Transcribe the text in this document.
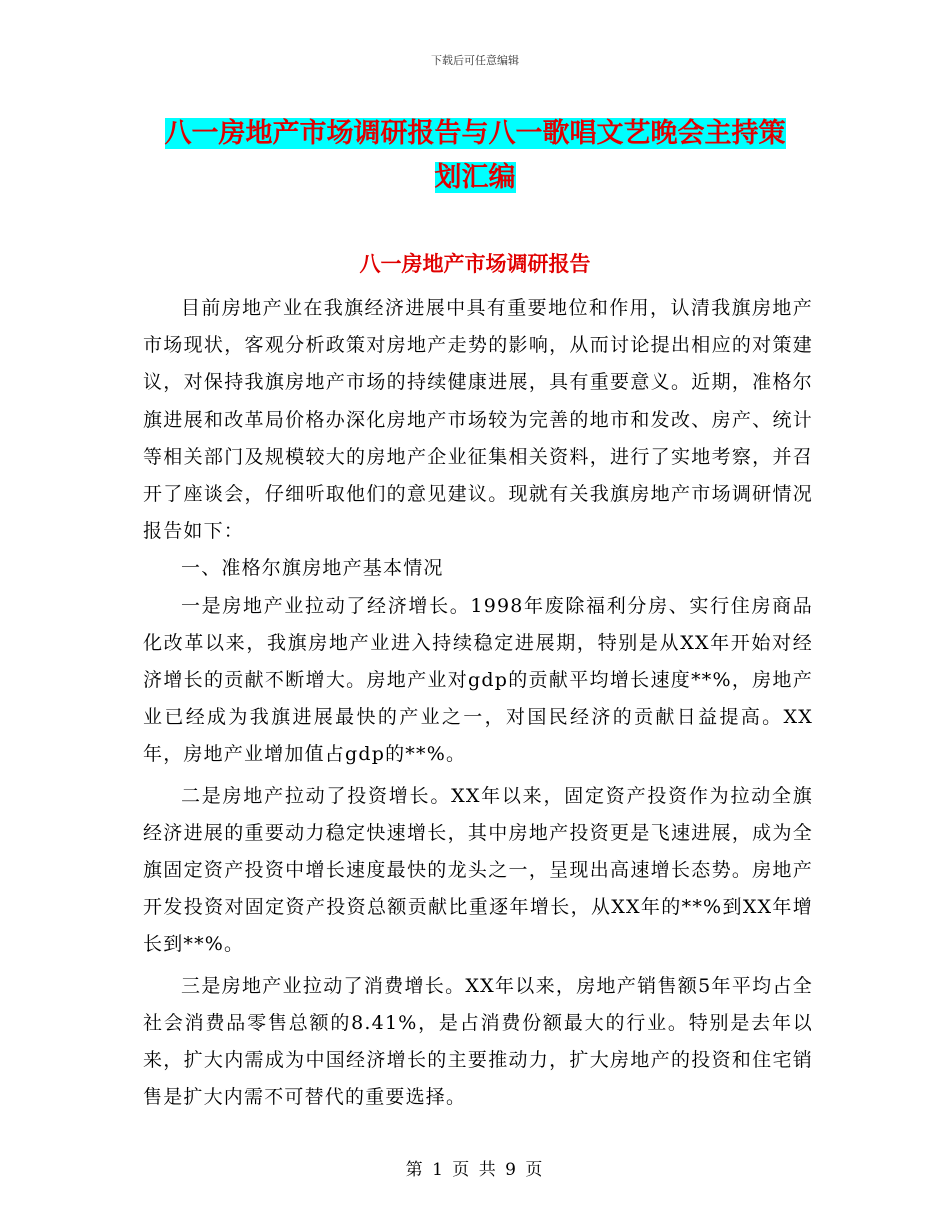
下载后可任意编辑
八一房地产市场调研报告与八一歌唱文艺晚会主持策
划汇编
八一房地产市场调研报告

目前房地产业在我旗经济进展中具有重要地位和作用，认清我旗房地产市场现状，客观分析政策对房地产走势的影响，从而讨论提出相应的对策建议，对保持我旗房地产市场的持续健康进展，具有重要意义。近期，准格尔旗进展和改革局价格办深化房地产市场较为完善的地市和发改、房产、统计等相关部门及规模较大的房地产企业征集相关资料，进行了实地考察，并召开了座谈会，仔细听取他们的意见建议。现就有关我旗房地产市场调研情况报告如下：

一、准格尔旗房地产基本情况

一是房地产业拉动了经济增长。1998年废除福利分房、实行住房商品化改革以来，我旗房地产业进入持续稳定进展期，特别是从XX年开始对经济增长的贡献不断增大。房地产业对gdp的贡献平均增长速度**%，房地产业已经成为我旗进展最快的产业之一，对国民经济的贡献日益提高。XX年，房地产业增加值占gdp的**%。

二是房地产拉动了投资增长。XX年以来，固定资产投资作为拉动全旗经济进展的重要动力稳定快速增长，其中房地产投资更是飞速进展，成为全旗固定资产投资中增长速度最快的龙头之一，呈现出高速增长态势。房地产开发投资对固定资产投资总额贡献比重逐年增长，从XX年的**%到XX年增长到**%。

三是房地产业拉动了消费增长。XX年以来，房地产销售额5年平均占全社会消费品零售总额的8.41%，是占消费份额最大的行业。特别是去年以来，扩大内需成为中国经济增长的主要推动力，扩大房地产的投资和住宅销售是扩大内需不可替代的重要选择。

第 1 页 共 9 页
